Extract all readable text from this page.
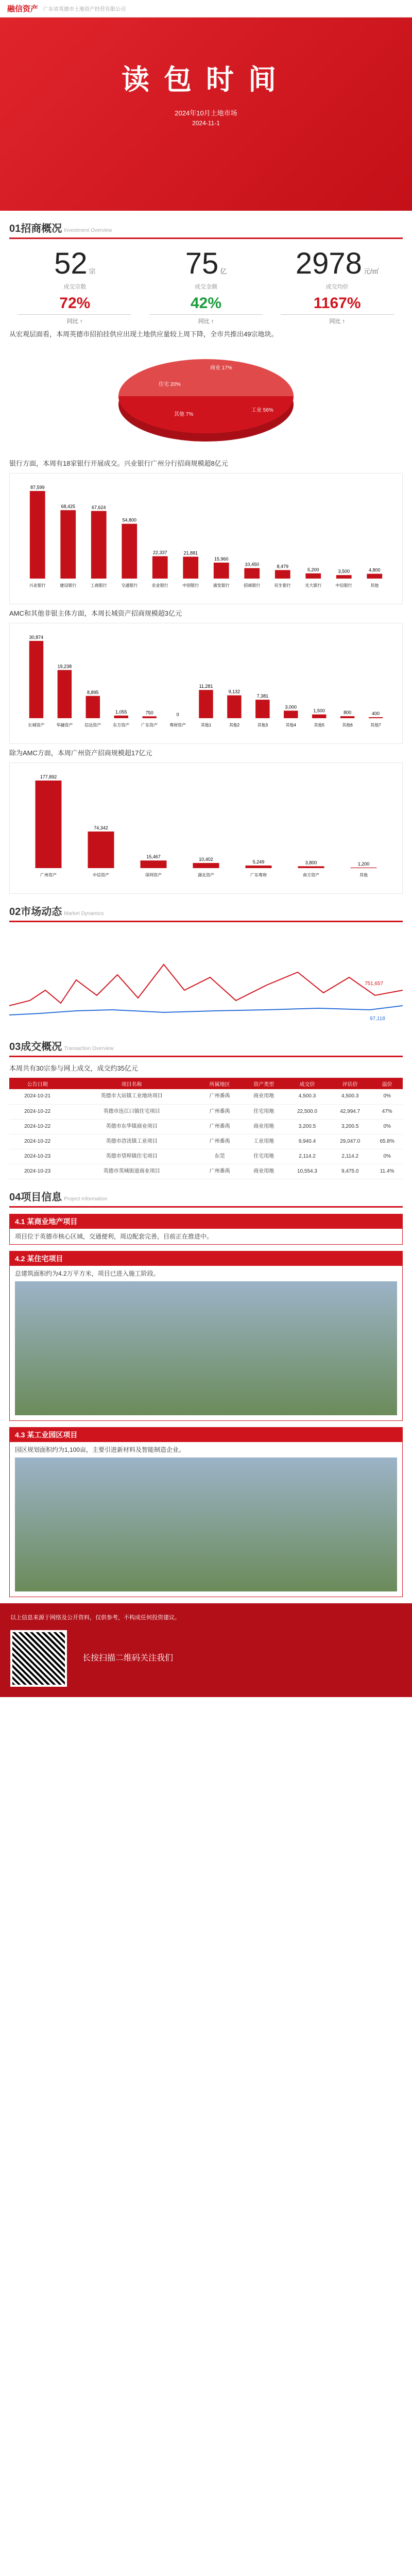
融信资产 广东省英德市土地资产经营有限公司
读包时间
2024年10月土地市场
2024-11-1
01招商概况 Investment Overview
52 宗
成交宗数
72%
同比 ↑
75 亿
成交金额
42%
同比 ↑
2978 元/㎡
成交均价
1167%
同比 ↑

从宏观层面看，本周英德市招拍挂供应出现土地供应量较上周下降，全市共推出49宗地块。

工业 56%
住宅 20%
商业 17%
其他 7%

银行方面，本周有18家银行开展成交。兴业银行广州分行招商规模超8亿元

87,599
兴业银行
68,425
建设银行
67,624
工商银行
54,800
交通银行
22,337
农业银行
21,881
中国银行
15,960
浦发银行
10,450
招商银行
8,479
民生银行
5,200
光大银行
3,500
中信银行
4,800
其他

AMC和其他非银主体方面，本周长城资产招商规模超3亿元

30,874
长城资产
19,238
华融资产
8,895
信达资产
1,055
东方资产
750
广东资产
0
粤财资产
11,281
其他1
9,132
其他2
7,381
其他3
3,000
其他4
1,500
其他5
800
其他6
400
其他7

除为AMC方面，本周广州资产招商规模超17亿元

177,892
广州资产
74,342
中信资产
15,467
深圳资产
10,402
湖北资产
5,249
广东粤财
3,800
南方资产
1,200
其他
02市场动态 Market Dynamics
751,657
97,118
03成交概况 Transaction Overview

本周共有30宗参与网上成交，成交约35亿元

公告日期	项目名称	所属地区	资产类型	成交价	评估价	溢价
2024-10-21	英德市大站镇工业地块项目	广州番禺	商业用地	4,500.3	4,500.3	0%
2024-10-22	英德市连江口镇住宅项目	广州番禺	住宅用地	22,500.0	42,994.7	47%
2024-10-22	英德市东华镇商业项目	广州番禺	商业用地	3,200.5	3,200.5	0%
2024-10-22	英德市浛洸镇工业项目	广州番禺	工业用地	9,940.4	29,047.0	65.8%
2024-10-23	英德市望埠镇住宅项目	东莞	住宅用地	2,114.2	2,114.2	0%
2024-10-23	英德市英城街道商业项目	广州番禺	商业用地	10,554.3	9,475.0	11.4%
04项目信息 Project Information
4.1 某商业地产项目
项目位于英德市核心区域，交通便利，周边配套完善，目前正在推进中。
4.2 某住宅项目
总建筑面积约为4.2万平方米，项目已进入施工阶段。
4.3 某工业园区项目
园区规划面积约为1,100亩，主要引进新材料及智能制造企业。

以上信息来源于网络及公开资料，仅供参考，不构成任何投资建议。

长按扫描二维码关注我们
